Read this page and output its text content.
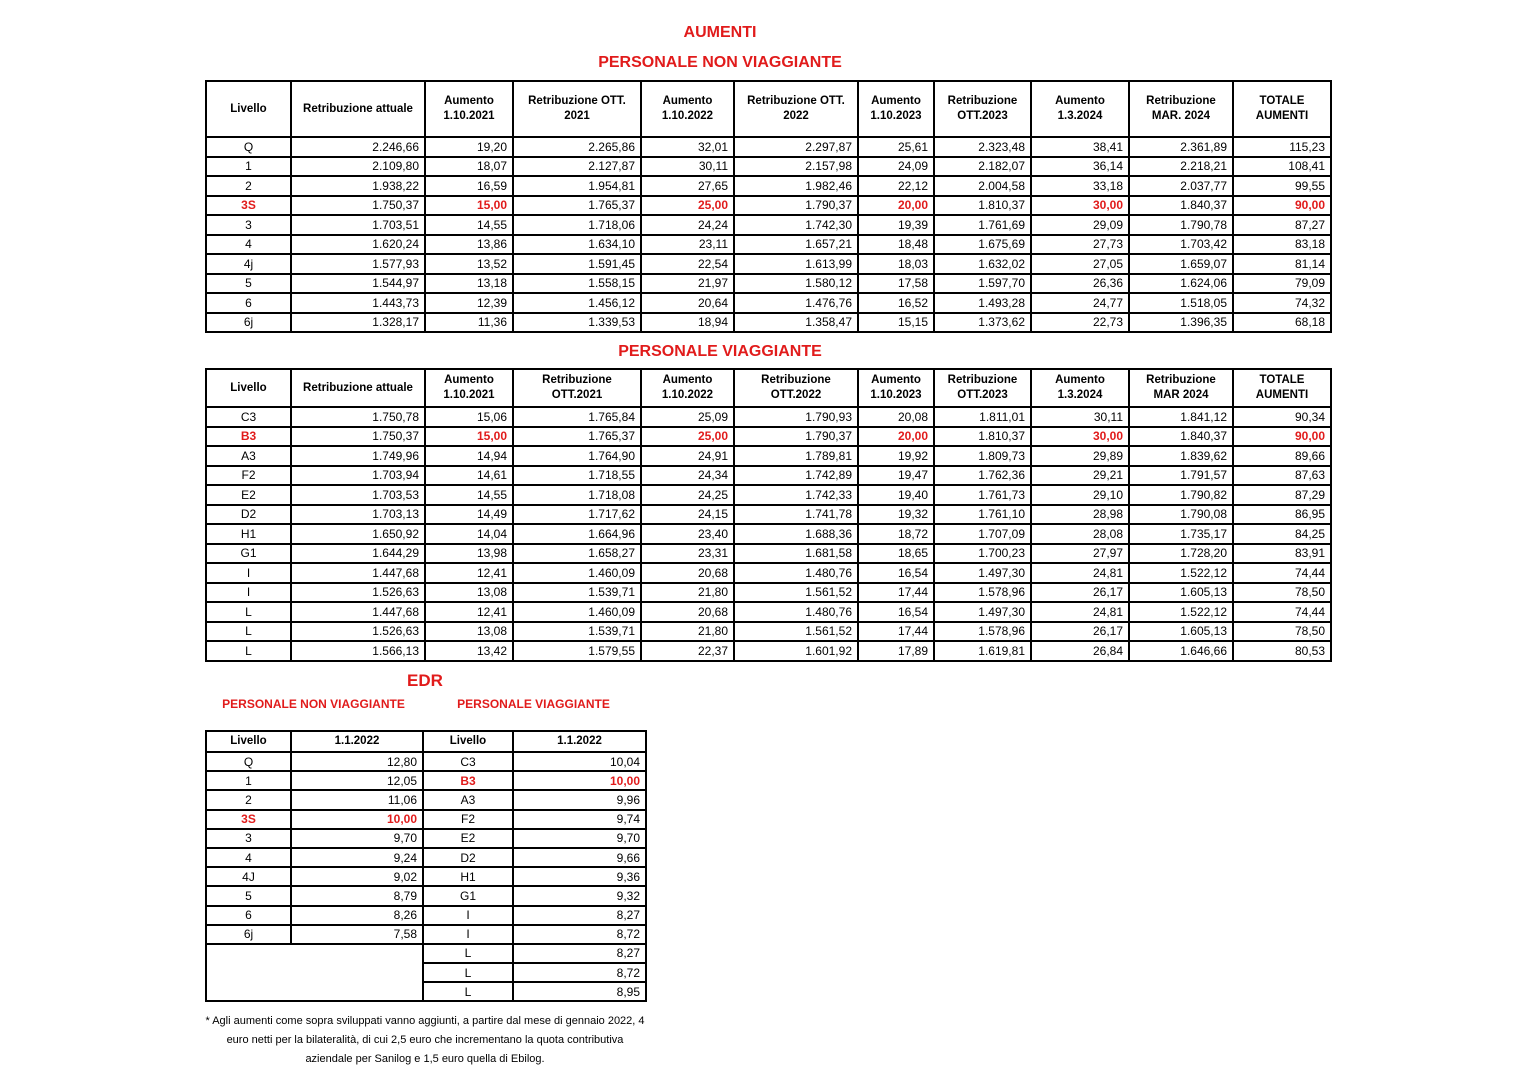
AUMENTI
PERSONALE NON VIAGGIANTE
Livello	Retribuzione attuale	Aumento 1.10.2021	Retribuzione OTT. 2021	Aumento 1.10.2022	Retribuzione OTT. 2022	Aumento 1.10.2023	Retribuzione OTT.2023	Aumento 1.3.2024	Retribuzione MAR. 2024	TOTALE AUMENTI
Q	2.246,66	19,20	2.265,86	32,01	2.297,87	25,61	2.323,48	38,41	2.361,89	115,23
1	2.109,80	18,07	2.127,87	30,11	2.157,98	24,09	2.182,07	36,14	2.218,21	108,41
2	1.938,22	16,59	1.954,81	27,65	1.982,46	22,12	2.004,58	33,18	2.037,77	99,55
3S	1.750,37	15,00	1.765,37	25,00	1.790,37	20,00	1.810,37	30,00	1.840,37	90,00
3	1.703,51	14,55	1.718,06	24,24	1.742,30	19,39	1.761,69	29,09	1.790,78	87,27
4	1.620,24	13,86	1.634,10	23,11	1.657,21	18,48	1.675,69	27,73	1.703,42	83,18
4j	1.577,93	13,52	1.591,45	22,54	1.613,99	18,03	1.632,02	27,05	1.659,07	81,14
5	1.544,97	13,18	1.558,15	21,97	1.580,12	17,58	1.597,70	26,36	1.624,06	79,09
6	1.443,73	12,39	1.456,12	20,64	1.476,76	16,52	1.493,28	24,77	1.518,05	74,32
6j	1.328,17	11,36	1.339,53	18,94	1.358,47	15,15	1.373,62	22,73	1.396,35	68,18
PERSONALE VIAGGIANTE
Livello	Retribuzione attuale	Aumento 1.10.2021	Retribuzione OTT.2021	Aumento 1.10.2022	Retribuzione OTT.2022	Aumento 1.10.2023	Retribuzione OTT.2023	Aumento 1.3.2024	Retribuzione MAR 2024	TOTALE AUMENTI
C3	1.750,78	15,06	1.765,84	25,09	1.790,93	20,08	1.811,01	30,11	1.841,12	90,34
B3	1.750,37	15,00	1.765,37	25,00	1.790,37	20,00	1.810,37	30,00	1.840,37	90,00
A3	1.749,96	14,94	1.764,90	24,91	1.789,81	19,92	1.809,73	29,89	1.839,62	89,66
F2	1.703,94	14,61	1.718,55	24,34	1.742,89	19,47	1.762,36	29,21	1.791,57	87,63
E2	1.703,53	14,55	1.718,08	24,25	1.742,33	19,40	1.761,73	29,10	1.790,82	87,29
D2	1.703,13	14,49	1.717,62	24,15	1.741,78	19,32	1.761,10	28,98	1.790,08	86,95
H1	1.650,92	14,04	1.664,96	23,40	1.688,36	18,72	1.707,09	28,08	1.735,17	84,25
G1	1.644,29	13,98	1.658,27	23,31	1.681,58	18,65	1.700,23	27,97	1.728,20	83,91
I	1.447,68	12,41	1.460,09	20,68	1.480,76	16,54	1.497,30	24,81	1.522,12	74,44
I	1.526,63	13,08	1.539,71	21,80	1.561,52	17,44	1.578,96	26,17	1.605,13	78,50
L	1.447,68	12,41	1.460,09	20,68	1.480,76	16,54	1.497,30	24,81	1.522,12	74,44
L	1.526,63	13,08	1.539,71	21,80	1.561,52	17,44	1.578,96	26,17	1.605,13	78,50
L	1.566,13	13,42	1.579,55	22,37	1.601,92	17,89	1.619,81	26,84	1.646,66	80,53
EDR
PERSONALE NON VIAGGIANTE	PERSONALE VIAGGIANTE
Livello	1.1.2022	Livello	1.1.2022
Q	12,80	C3	10,04
1	12,05	B3	10,00
2	11,06	A3	9,96
3S	10,00	F2	9,74
3	9,70	E2	9,70
4	9,24	D2	9,66
4J	9,02	H1	9,36
5	8,79	G1	9,32
6	8,26	I	8,27
6j	7,58	I	8,72
		L	8,27
		L	8,72
		L	8,95
* Agli aumenti come sopra sviluppati vanno aggiunti, a partire dal mese di gennaio 2022, 4
euro netti per la bilateralità, di cui 2,5 euro che incrementano la quota contributiva
aziendale per Sanilog e 1,5 euro quella di Ebilog.
